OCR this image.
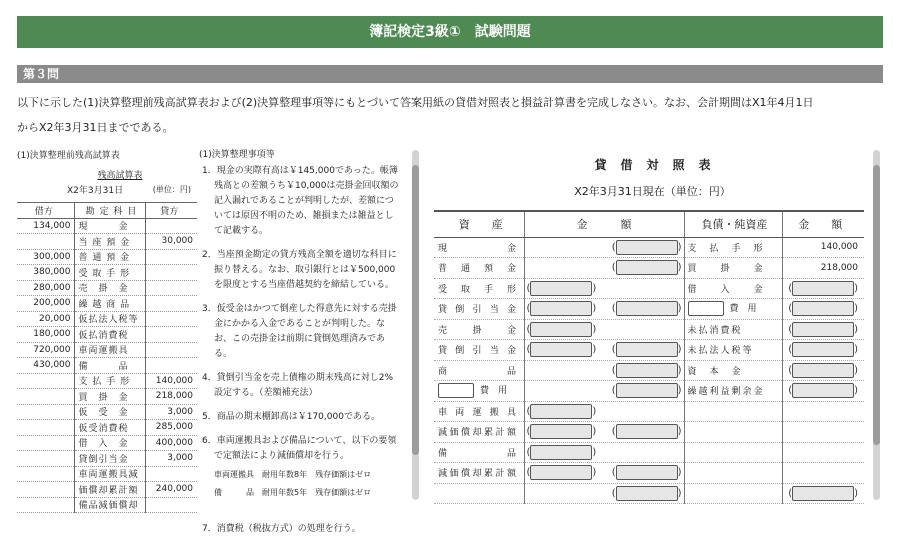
簿記検定3級①　試験問題
第３問
以下に示した(1)決算整理前残高試算表および(2)決算整理事項等にもとづいて答案用紙の貸借対照表と損益計算書を完成しなさい。なお、会計期間はX1年4月1日
からX2年3月31日までである。
(1)決算整理前残高試算表
残高試算表
X2年3月31日	(単位：円)
借方	勘 定 科 目	貸方
134,000	現　　　金	
	当 座 預 金	30,000
300,000	普 通 預 金	
380,000	受 取 手 形	
280,000	売　掛　金	
200,000	繰 越 商 品	
20,000	仮払法人税等	
180,000	仮払消費税	
720,000	車両運搬具	
430,000	備　　　品	
	支 払 手 形	140,000
	買　掛　金	218,000
	仮　受　金	3,000
	仮受消費税	285,000
	借　入　金	400,000
	貸倒引当金	3,000
	車両運搬具減	
	価償却累計額	240,000
	備品減価償却	
(1)決算整理事項等
1．現金の実際有高は￥145,000であった。帳簿残高との差額うち￥10,000は売掛金回収額の記入漏れであることが判明したが、差額については原因不明のため、雑損または雑益として記載する。
2．当座預金勘定の貸方残高全額を適切な科目に振り替える。なお、取引銀行とは￥500,000を限度とする当座借越契約を締結している。
3．仮受金はかつて倒産した得意先に対する売掛金にかかる入金であることが判明した。なお、この売掛金は前期に貸倒処理済みである。
4．貸倒引当金を売上債権の期末残高に対し2%設定する。（差額補充法）
5．商品の期末棚卸高は￥170,000である。
6．車両運搬具および備品について、以下の要領で定額法により減価償却を行う。
車両運搬具　耐用年数8年　残存価額はゼロ
備　　　品　耐用年数5年　残存価額はゼロ
7．消費税（税抜方式）の処理を行う。
貸借対照表
X2年3月31日現在（単位：円）
資　　産	金　　　額	負債・純資産	金　　額
現　　　　　金	( )	支　払　手　形	140,000
普　通　預　金	( )	買　　掛　　金	218,000
受　取　手　形	( )	借　　入　　金	( )
貸倒引当金	( ) ( )	費　用	( )
売　　掛　　金	( )	未払消費税	( )
貸倒引当金	( ) ( )	未払法人税等	( )
商　　　　　品	( )	資　本　金	( )
費　用	( )	繰越利益剰余金	( )
車両運搬具	( )		

減価償却累計額	( ) ( )		

備　　　品	( )		

減価償却累計額	( ) ( )		

	( )		( )
